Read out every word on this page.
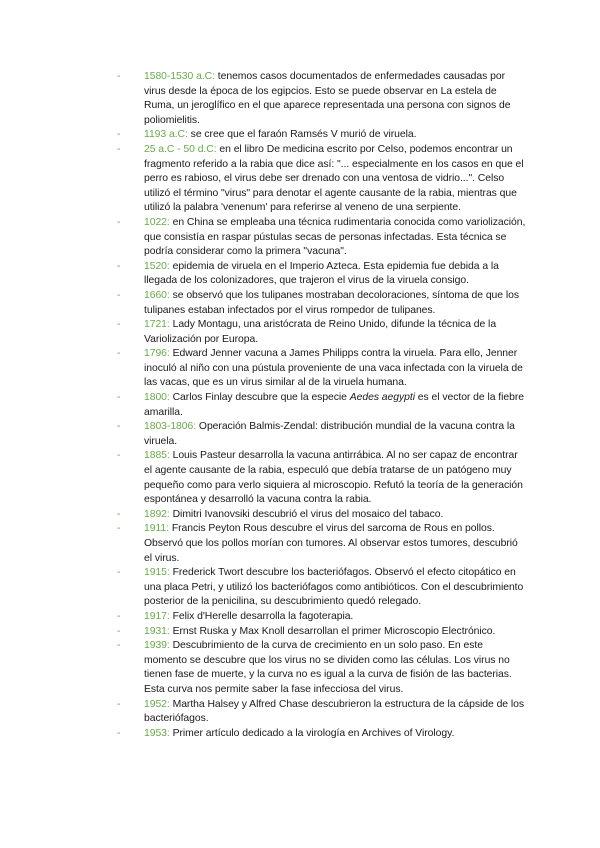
- 1580-1530 a.C: tenemos casos documentados de enfermedades causadas por virus desde la época de los egipcios. Esto se puede observar en La estela de Ruma, un jeroglífico en el que aparece representada una persona con signos de poliomielitis.
- 1193 a.C: se cree que el faraón Ramsés V murió de viruela.
- 25 a.C - 50 d.C: en el libro De medicina escrito por Celso, podemos encontrar un fragmento referido a la rabia que dice así: "... especialmente en los casos en que el perro es rabioso, el virus debe ser drenado con una ventosa de vidrio...". Celso utilizó el término "virus" para denotar el agente causante de la rabia, mientras que utilizó la palabra 'venenum' para referirse al veneno de una serpiente.
- 1022: en China se empleaba una técnica rudimentaria conocida como variolización, que consistía en raspar pústulas secas de personas infectadas. Esta técnica se podría considerar como la primera "vacuna".
- 1520: epidemia de viruela en el Imperio Azteca. Esta epidemia fue debida a la llegada de los colonizadores, que trajeron el virus de la viruela consigo.
- 1660: se observó que los tulipanes mostraban decoloraciones, síntoma de que los tulipanes estaban infectados por el virus rompedor de tulipanes.
- 1721: Lady Montagu, una aristócrata de Reino Unido, difunde la técnica de la Variolización por Europa.
- 1796: Edward Jenner vacuna a James Philipps contra la viruela. Para ello, Jenner inoculó al niño con una pústula proveniente de una vaca infectada con la viruela de las vacas, que es un virus similar al de la viruela humana.
- 1800: Carlos Finlay descubre que la especie Aedes aegypti es el vector de la fiebre amarilla.
- 1803-1806: Operación Balmis-Zendal: distribución mundial de la vacuna contra la viruela.
- 1885: Louis Pasteur desarrolla la vacuna antirrábica. Al no ser capaz de encontrar el agente causante de la rabia, especuló que debía tratarse de un patógeno muy pequeño como para verlo siquiera al microscopio. Refutó la teoría de la generación espontánea y desarrolló la vacuna contra la rabia.
- 1892: Dimitri Ivanovsiki descubrió el virus del mosaico del tabaco.
- 1911: Francis Peyton Rous descubre el virus del sarcoma de Rous en pollos. Observó que los pollos morían con tumores. Al observar estos tumores, descubrió el virus.
- 1915: Frederick Twort descubre los bacteriófagos. Observó el efecto citopático en una placa Petri, y utilizó los bacteriófagos como antibióticos. Con el descubrimiento posterior de la penicilina, su descubrimiento quedó relegado.
- 1917: Felix d'Herelle desarrolla la fagoterapia.
- 1931: Ernst Ruska y Max Knoll desarrollan el primer Microscopio Electrónico.
- 1939: Descubrimiento de la curva de crecimiento en un solo paso. En este momento se descubre que los virus no se dividen como las células. Los virus no tienen fase de muerte, y la curva no es igual a la curva de fisión de las bacterias. Esta curva nos permite saber la fase infecciosa del virus.
- 1952: Martha Halsey y Alfred Chase descubrieron la estructura de la cápside de los bacteriófagos.
- 1953: Primer artículo dedicado a la virología en Archives of Virology.
